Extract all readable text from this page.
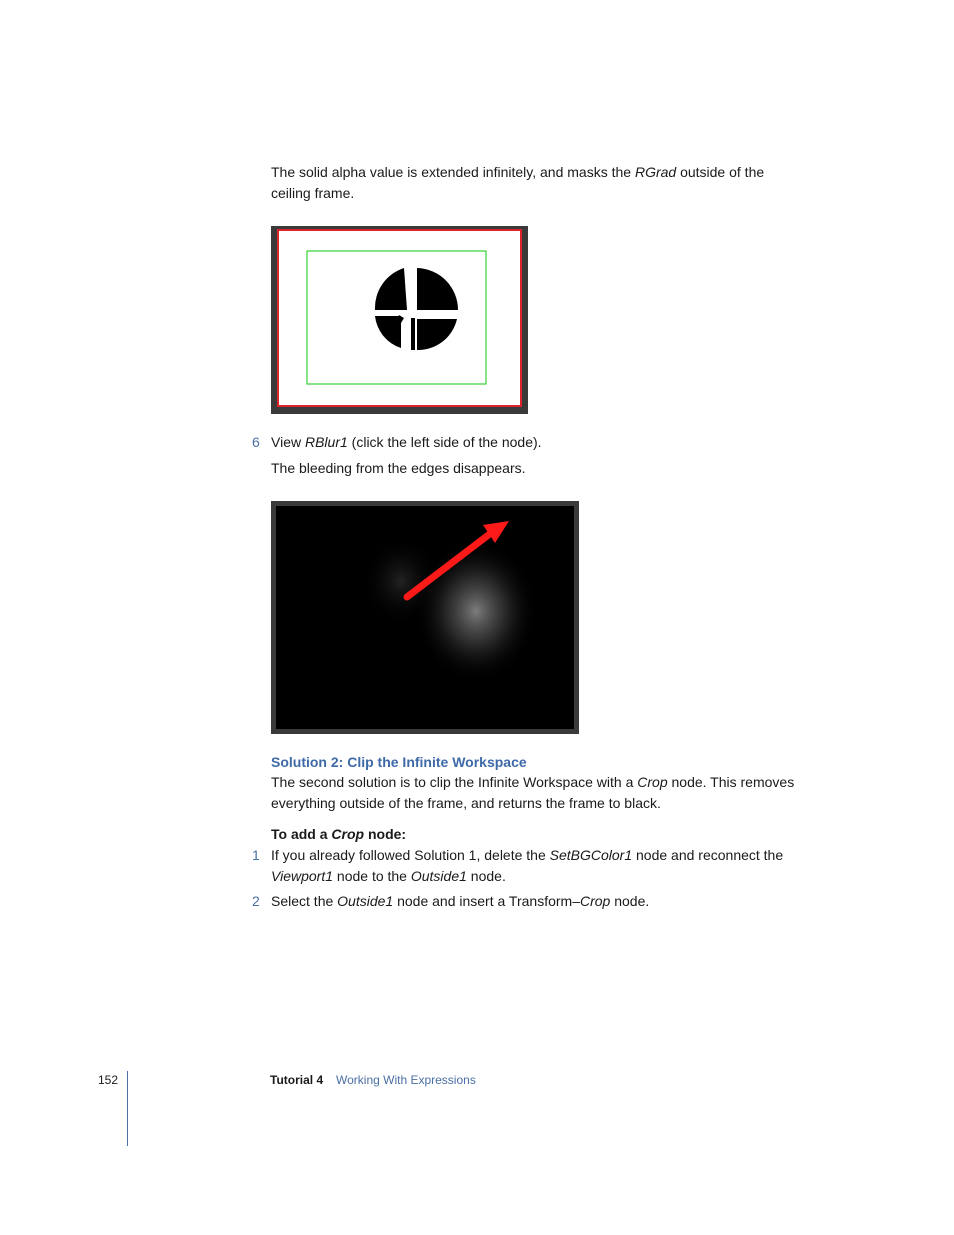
The solid alpha value is extended infinitely, and masks the RGrad outside of the
ceiling frame.

6 View RBlur1 (click the left side of the node).

The bleeding from the edges disappears.

Solution 2: Clip the Infinite Workspace

The second solution is to clip the Infinite Workspace with a Crop node. This removes
everything outside of the frame, and returns the frame to black.

To add a Crop node:

1 If you already followed Solution 1, delete the SetBGColor1 node and reconnect the
Viewport1 node to the Outside1 node.

2 Select the Outside1 node and insert a Transform–Crop node.

152	Tutorial 4 Working With Expressions
